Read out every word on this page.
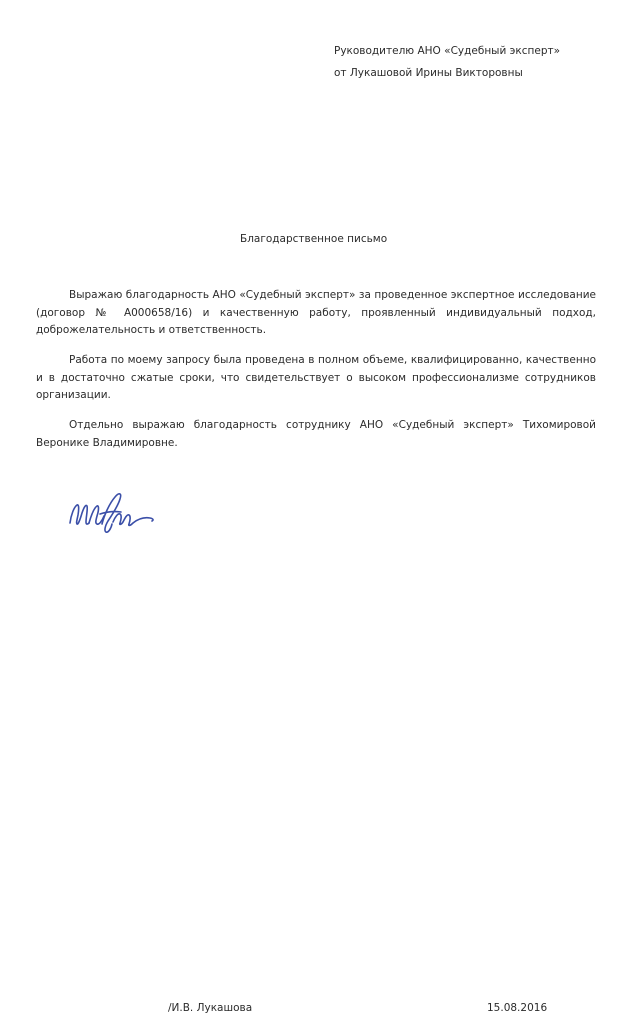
Руководителю АНО «Судебный эксперт»
от Лукашовой Ирины Викторовны
Благодарственное письмо

Выражаю благодарность АНО «Судебный эксперт» за проведенное экспертное исследование (договор № А000658/16) и качественную работу, проявленный индивидуальный подход, доброжелательность и ответственность.

Работа по моему запросу была проведена в полном объеме, квалифицированно, качественно и в достаточно сжатые сроки, что свидетельствует о высоком профессионализме сотрудников организации.

Отдельно выражаю благодарность сотруднику АНО «Судебный эксперт» Тихомировой Веронике Владимировне.

/И.В. Лукашова	15.08.2016
